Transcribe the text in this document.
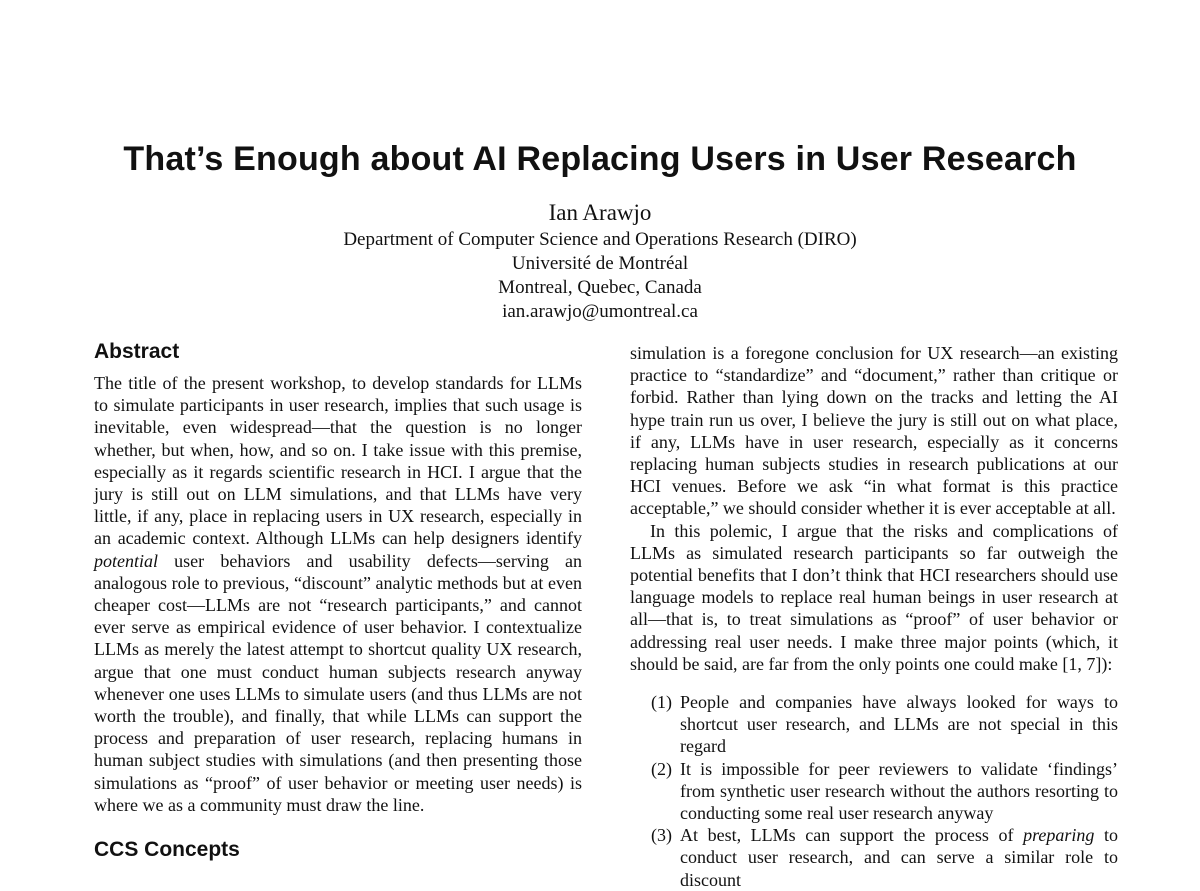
That’s Enough about AI Replacing Users in User Research
Ian Arawjo
Department of Computer Science and Operations Research (DIRO)
Université de Montréal
Montreal, Quebec, Canada
ian.arawjo@umontreal.ca
Abstract

The title of the present workshop, to develop standards for LLMs to simulate participants in user research, implies that such usage is inevitable, even widespread—that the question is no longer whether, but when, how, and so on. I take issue with this premise, especially as it regards scientific research in HCI. I argue that the jury is still out on LLM simulations, and that LLMs have very little, if any, place in replacing users in UX research, especially in an academic context. Although LLMs can help designers identify potential user behaviors and usability defects—serving an analogous role to previous, “discount” analytic methods but at even cheaper cost—LLMs are not “research participants,” and cannot ever serve as empirical evidence of user behavior. I contextualize LLMs as merely the latest attempt to shortcut quality UX research, argue that one must conduct human subjects research anyway whenever one uses LLMs to simulate users (and thus LLMs are not worth the trouble), and finally, that while LLMs can support the process and preparation of user research, replacing humans in human subject studies with simulations (and then presenting those simulations as “proof” of user behavior or meeting user needs) is where we as a community must draw the line.

CCS Concepts

simulation is a foregone conclusion for UX research—an existing practice to “standardize” and “document,” rather than critique or forbid. Rather than lying down on the tracks and letting the AI hype train run us over, I believe the jury is still out on what place, if any, LLMs have in user research, especially as it concerns replacing human subjects studies in research publications at our HCI venues. Before we ask “in what format is this practice acceptable,” we should consider whether it is ever acceptable at all.

In this polemic, I argue that the risks and complications of LLMs as simulated research participants so far outweigh the potential benefits that I don’t think that HCI researchers should use language models to replace real human beings in user research at all—that is, to treat simulations as “proof” of user behavior or addressing real user needs. I make three major points (which, it should be said, are far from the only points one could make [1, 7]):

(1) People and companies have always looked for ways to shortcut user research, and LLMs are not special in this regard
(2) It is impossible for peer reviewers to validate ‘findings’ from synthetic user research without the authors resorting to conducting some real user research anyway
(3) At best, LLMs can support the process of preparing to conduct user research, and can serve a similar role to discount
